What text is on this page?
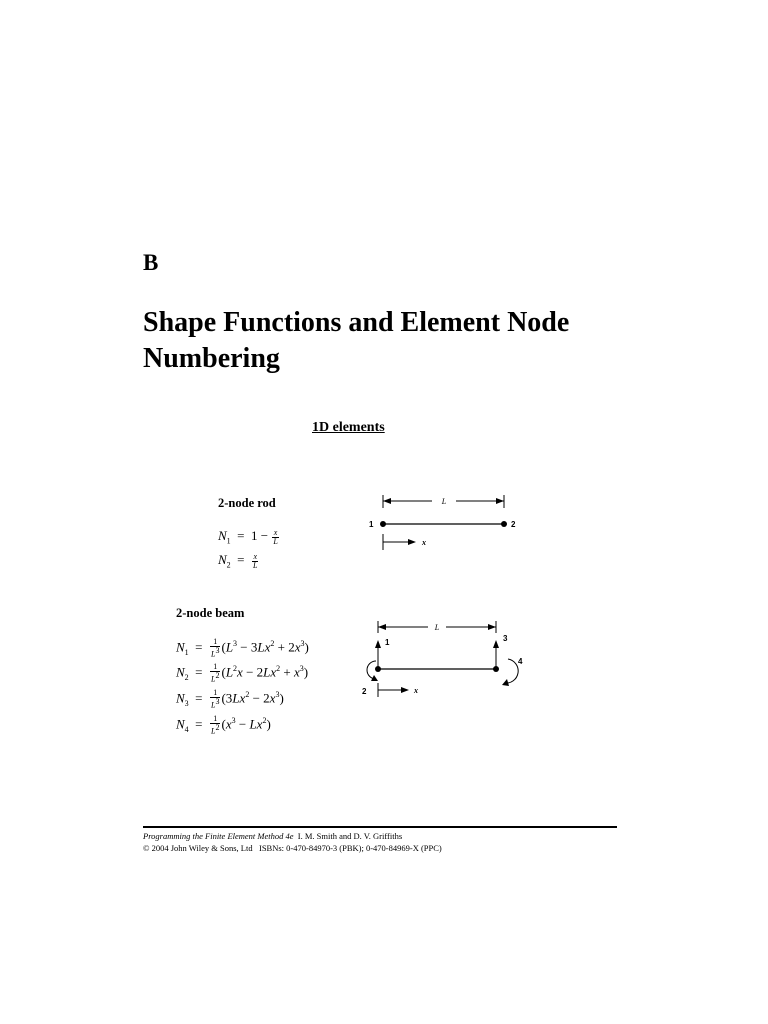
B
Shape Functions and Element Node Numbering
1D elements
2-node rod
$N_1 = 1 - \frac{x}{L}$
$N_2 = \frac{x}{L}$
L
1	2
x
2-node beam
$N_1 = \frac{1}{L^3} (L^3 - 3Lx^2 + 2x^3)$
$N_2 = \frac{1}{L^2} (L^2x - 2Lx^2 + x^3)$
$N_3 = \frac{1}{L^3} (3Lx^2 - 2x^3)$
$N_4 = \frac{1}{L^2} (x^3 - Lx^2)$
L
1
2
3
4
x
Programming the Finite Element Method 4e I. M. Smith and D. V. Griffiths
© 2004 John Wiley & Sons, Ltd ISBNs: 0-470-84970-3 (PBK); 0-470-84969-X (PPC)
